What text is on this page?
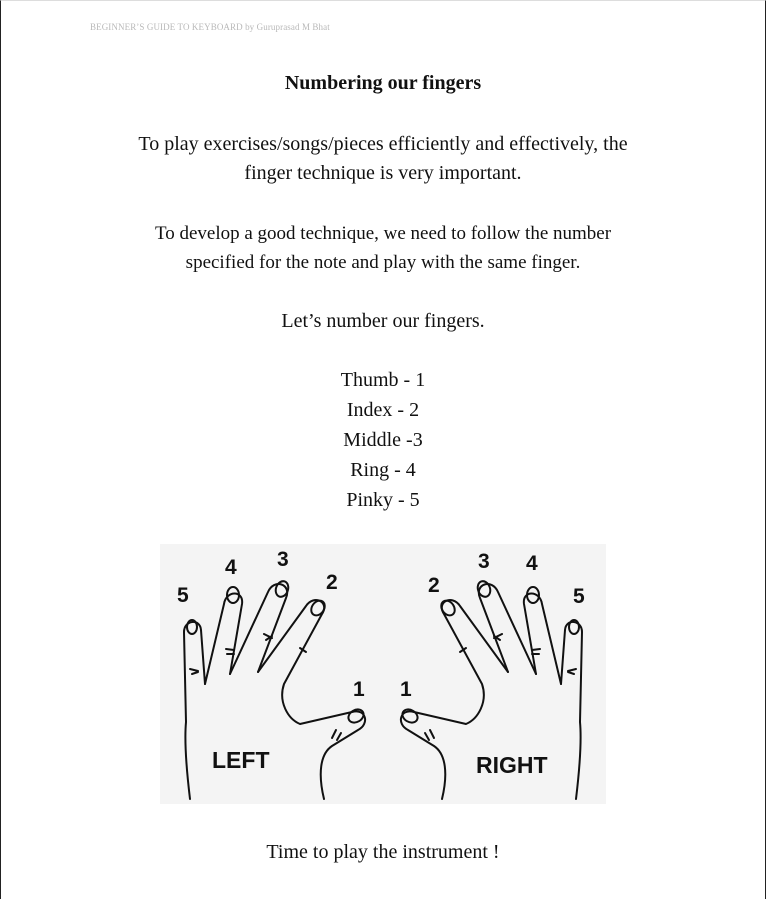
BEGINNER’S GUIDE TO KEYBOARD by Guruprasad M Bhat
Numbering our fingers
To play exercises/songs/pieces efficiently and effectively, the
finger technique is very important.
To develop a good technique, we need to follow the number
specified for the note and play with the same finger.
Let’s number our fingers.
Thumb - 1
Index - 2
Middle -3
Ring - 4
Pinky - 5
5
4 3
2
1 1
2
3 4
5
LEFT	RIGHT
Time to play the instrument !
